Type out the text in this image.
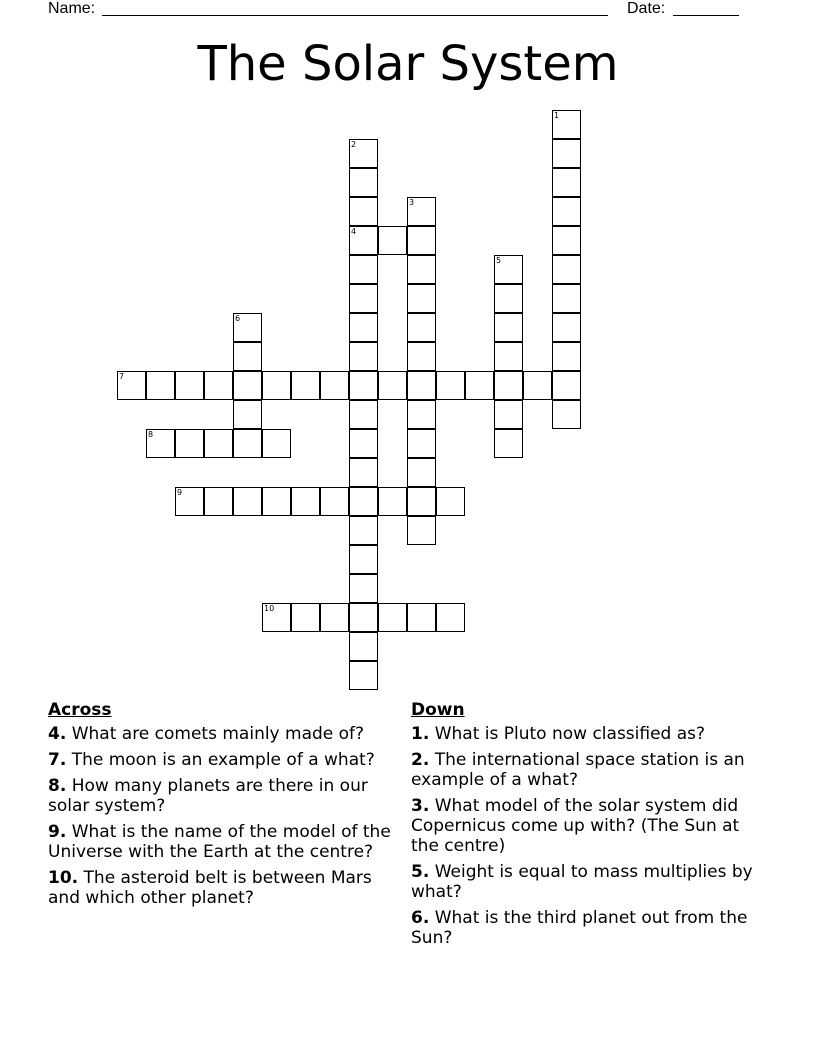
Name:	Date:
The Solar System
1
2
4
3
5
6
7
8
9
10
Across
4. What are comets mainly made of?
7. The moon is an example of a what?
8. How many planets are there in our solar system?
9. What is the name of the model of the Universe with the Earth at the centre?
10. The asteroid belt is between Mars and which other planet?
Down
1. What is Pluto now classified as?
2. The international space station is an example of a what?
3. What model of the solar system did Copernicus come up with? (The Sun at the centre)
5. Weight is equal to mass multiplies by what?
6. What is the third planet out from the Sun?
